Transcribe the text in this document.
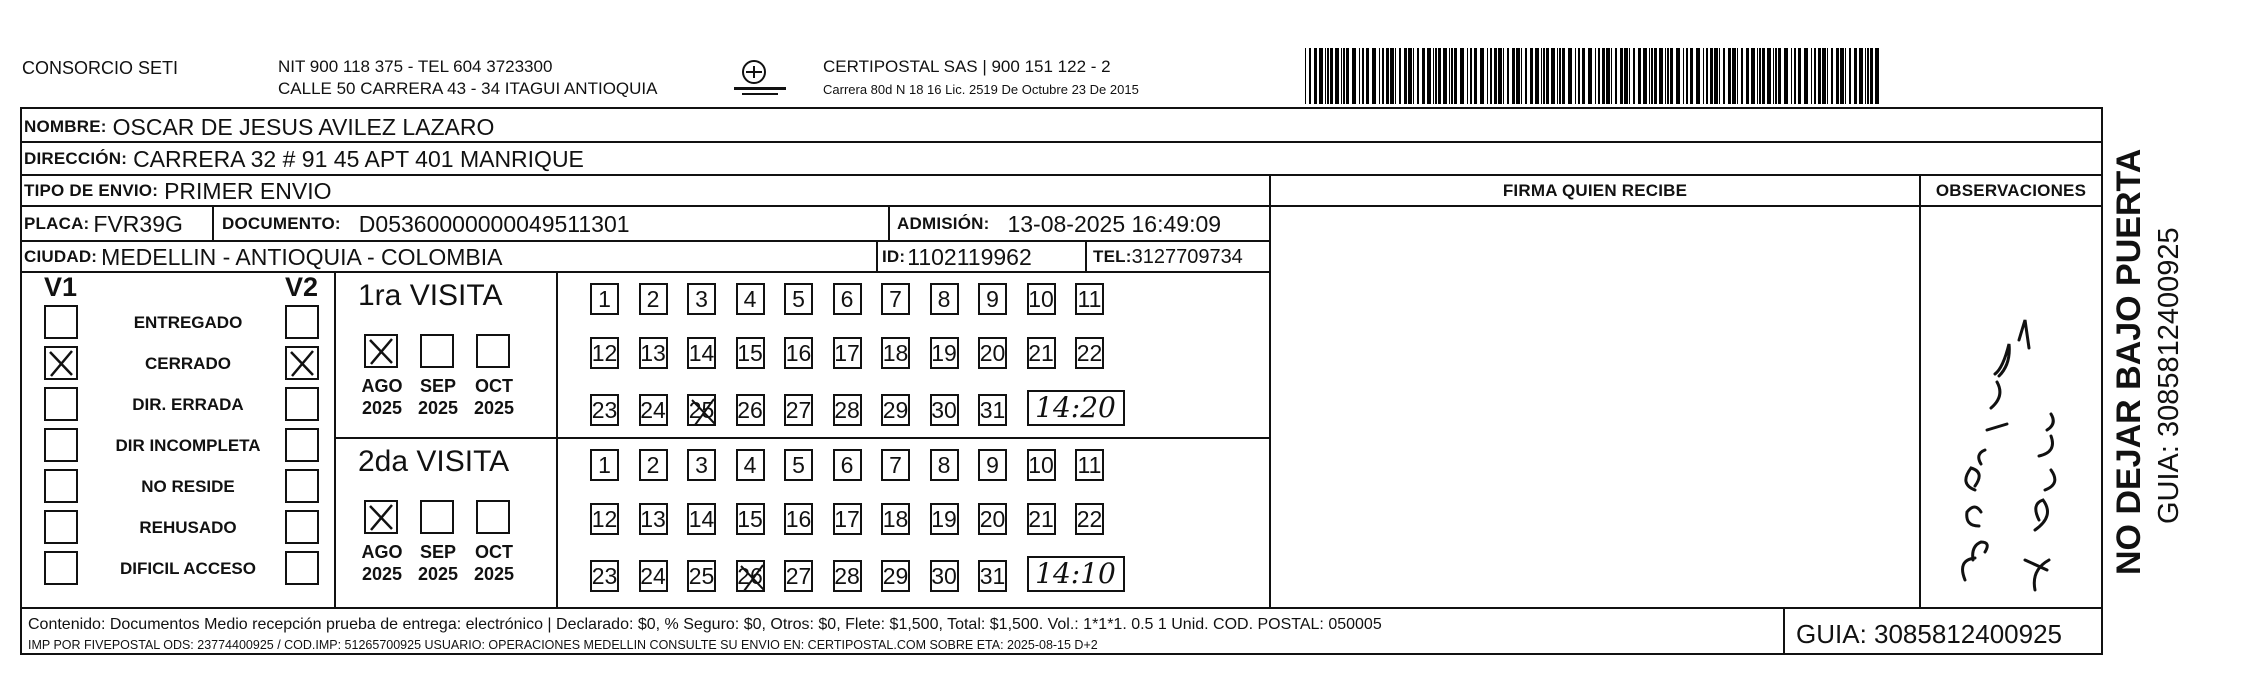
CONSORCIO SETI	NIT 900 118 375 - TEL 604 3723300
CALLE 50 CARRERA 43 - 34 ITAGUI ANTIOQUIA
CERTIPOSTAL SAS | 900 151 122 - 2
Carrera 80d N 18 16 Lic. 2519 De Octubre 23 De 2015
NOMBRE: OSCAR DE JESUS AVILEZ LAZARO
DIRECCIÓN: CARRERA 32 # 91 45 APT 401 MANRIQUE
TIPO DE ENVIO: PRIMER ENVIO	FIRMA QUIEN RECIBE	OBSERVACIONES
PLACA: FVR39G DOCUMENTO: D05360000000049511301	ADMISIÓN: 13-08-2025 16:49:09
CIUDAD: MEDELLIN - ANTIOQUIA - COLOMBIA	ID: 1102119962	TEL: 3127709734
V1	V2
ENTREGADO
CERRADO
DIR. ERRADA
DIR INCOMPLETA
NO RESIDE
REHUSADO
DIFICIL ACCESO
1ra VISITA
AGO
2025
SEP
2025
OCT
2025
1	2	3	4	5	6	7	8	9	10 11
12 13 14 15 16 17 18 19 20 21 22
23 24 25 26 27 28 29 30 31	14:20
2da VISITA
AGO
2025
SEP
2025
OCT
2025
1	2	3	4	5	6	7	8	9	10 11
12 13 14 15 16 17 18 19 20 21 22
23 24 25 26 27 28 29 30 31	14:10	NO DEJAR BAJO PUERTA GUIA: 3085812400925
Contenido: Documentos Medio recepción prueba de entrega: electrónico | Declarado: $0, % Seguro: $0, Otros: $0, Flete: $1,500, Total: $1,500. Vol.: 1*1*1. 0.5 1 Unid. COD. POSTAL: 050005
IMP POR FIVEPOSTAL ODS: 23774400925 / COD.IMP: 51265700925 USUARIO: OPERACIONES MEDELLIN CONSULTE SU ENVIO EN: CERTIPOSTAL.COM SOBRE ETA: 2025-08-15 D+2	GUIA: 3085812400925
